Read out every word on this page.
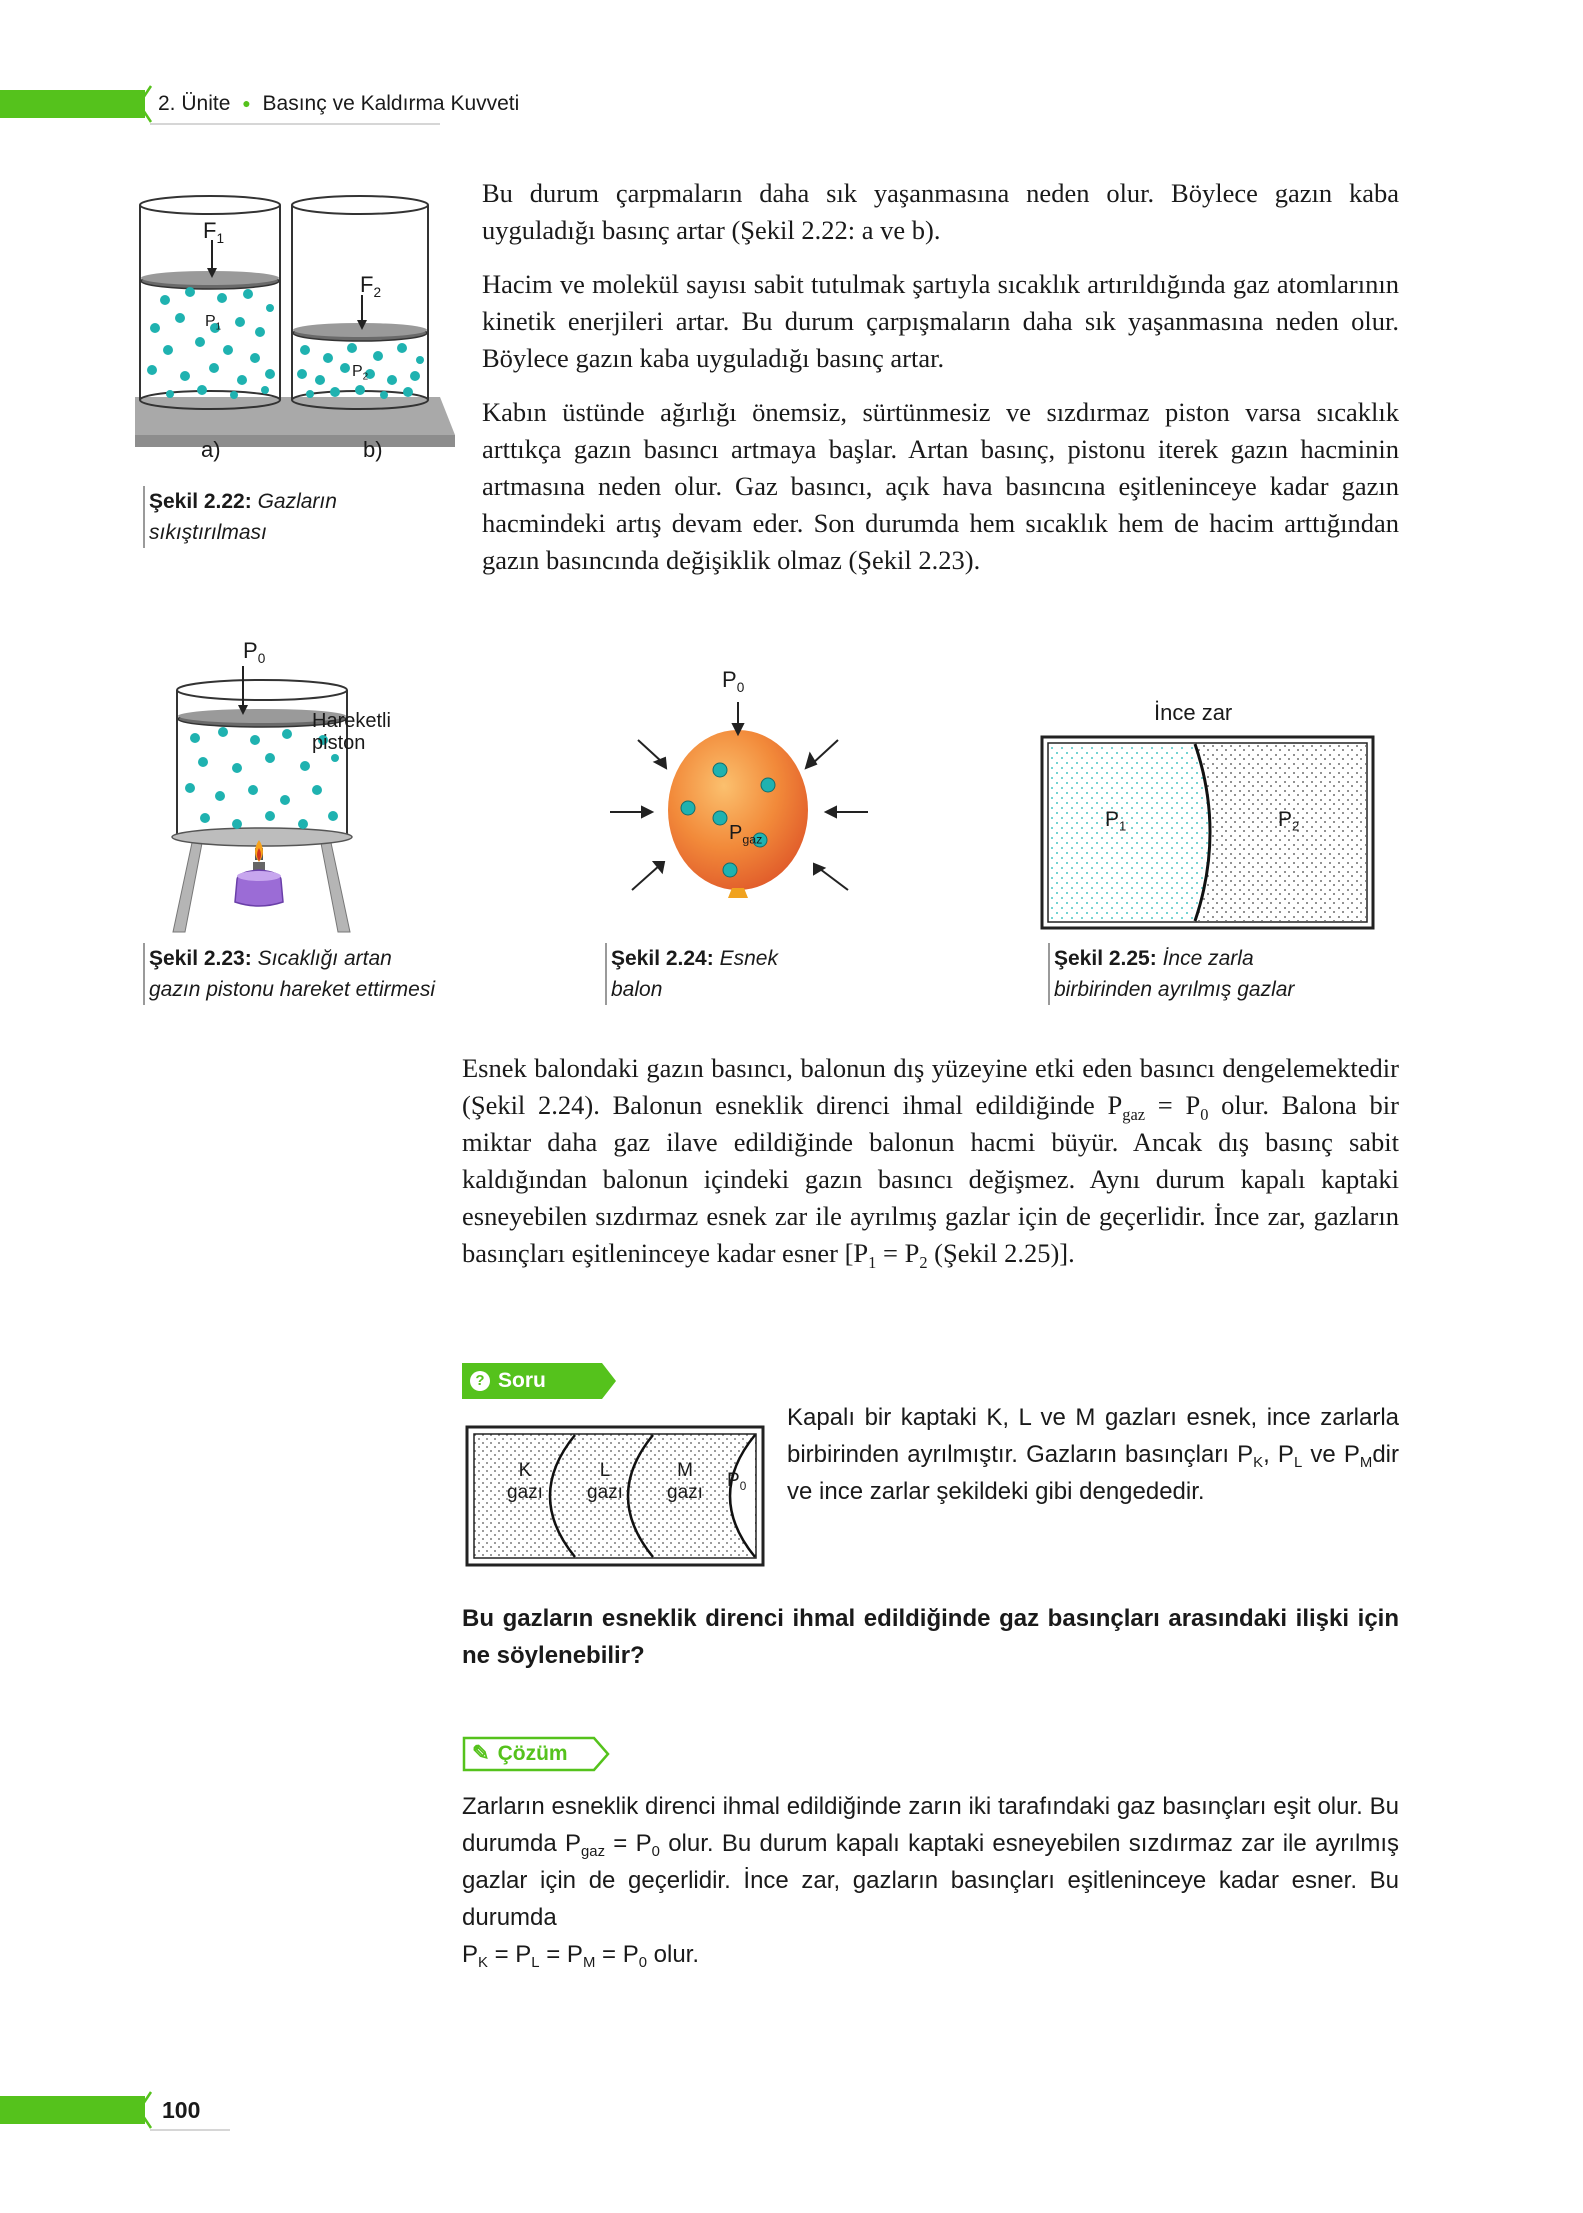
2. Ünite ● Basınç ve Kaldırma Kuvveti
$F_1$
$F_2$
$P_1$
$P_2$
a)	b)
Şekil 2.22: Gazların sıkıştırılması

Bu durum çarpmaların daha sık yaşanmasına neden olur. Böylece gazın kaba uyguladığı basınç artar (Şekil 2.22: a ve b).

Hacim ve molekül sayısı sabit tutulmak şartıyla sıcaklık artırıldığında gaz atomlarının kinetik enerjileri artar. Bu durum çarpışmaların daha sık yaşanmasına neden olur. Böylece gazın kaba uyguladığı basınç artar.

Kabın üstünde ağırlığı önemsiz, sürtünmesiz ve sızdırmaz piston varsa sıcaklık arttıkça gazın basıncı artmaya başlar. Artan basınç, pistonu iterek gazın hacminin artmasına neden olur. Gaz basıncı, açık hava basıncına eşitleninceye kadar gazın hacmindeki artış devam eder. Son durumda hem sıcaklık hem de hacim arttığından gazın basıncında değişiklik olmaz (Şekil 2.23).

$P_0$
Hareketli
piston
Şekil 2.23: Sıcaklığı artan gazın pistonu hareket ettirmesi
$P_0$
$P_{gaz}$
Şekil 2.24: Esnek balon
İnce zar
$P_1$	$P_2$
Şekil 2.25: İnce zarla birbirinden ayrılmış gazlar
Esnek balondaki gazın basıncı, balonun dış yüzeyine etki eden basıncı dengelemektedir (Şekil 2.24). Balonun esneklik direnci ihmal edildiğinde $P_{gaz} = P_0$ olur. Balona bir miktar daha gaz ilave edildiğinde balonun hacmi büyür. Ancak dış basınç sabit kaldığından balonun içindeki gazın basıncı değişmez. Aynı durum kapalı kaptaki esneyebilen sızdırmaz esnek zar ile ayrılmış gazlar için de geçerlidir. İnce zar, gazların basınçları eşitleninceye kadar esner [$P_1 = P_2$ (Şekil 2.25)].
? Soru
K
gazı
L
gazı
M
gazı
$P_0$
Kapalı bir kaptaki K, L ve M gazları esnek, ince zarlarla birbirinden ayrılmıştır. Gazların basınçları $P_K$, $P_L$ ve $P_Mdir$ ve ince zarlar şekildeki gibi dengededir.
Bu gazların esneklik direnci ihmal edildiğinde gaz basınçları arasındaki ilişki için ne söylenebilir?
✎ Çözüm
Zarların esneklik direnci ihmal edildiğinde zarın iki tarafındaki gaz basınçları eşit olur. Bu durumda $P_{gaz} = P_0$ olur. Bu durum kapalı kaptaki esneyebilen sızdırmaz zar ile ayrılmış gazlar için de geçerlidir. İnce zar, gazların basınçları eşitleninceye kadar esner. Bu durumda
$P_K = P_L = P_M = P_0$ olur.
100
